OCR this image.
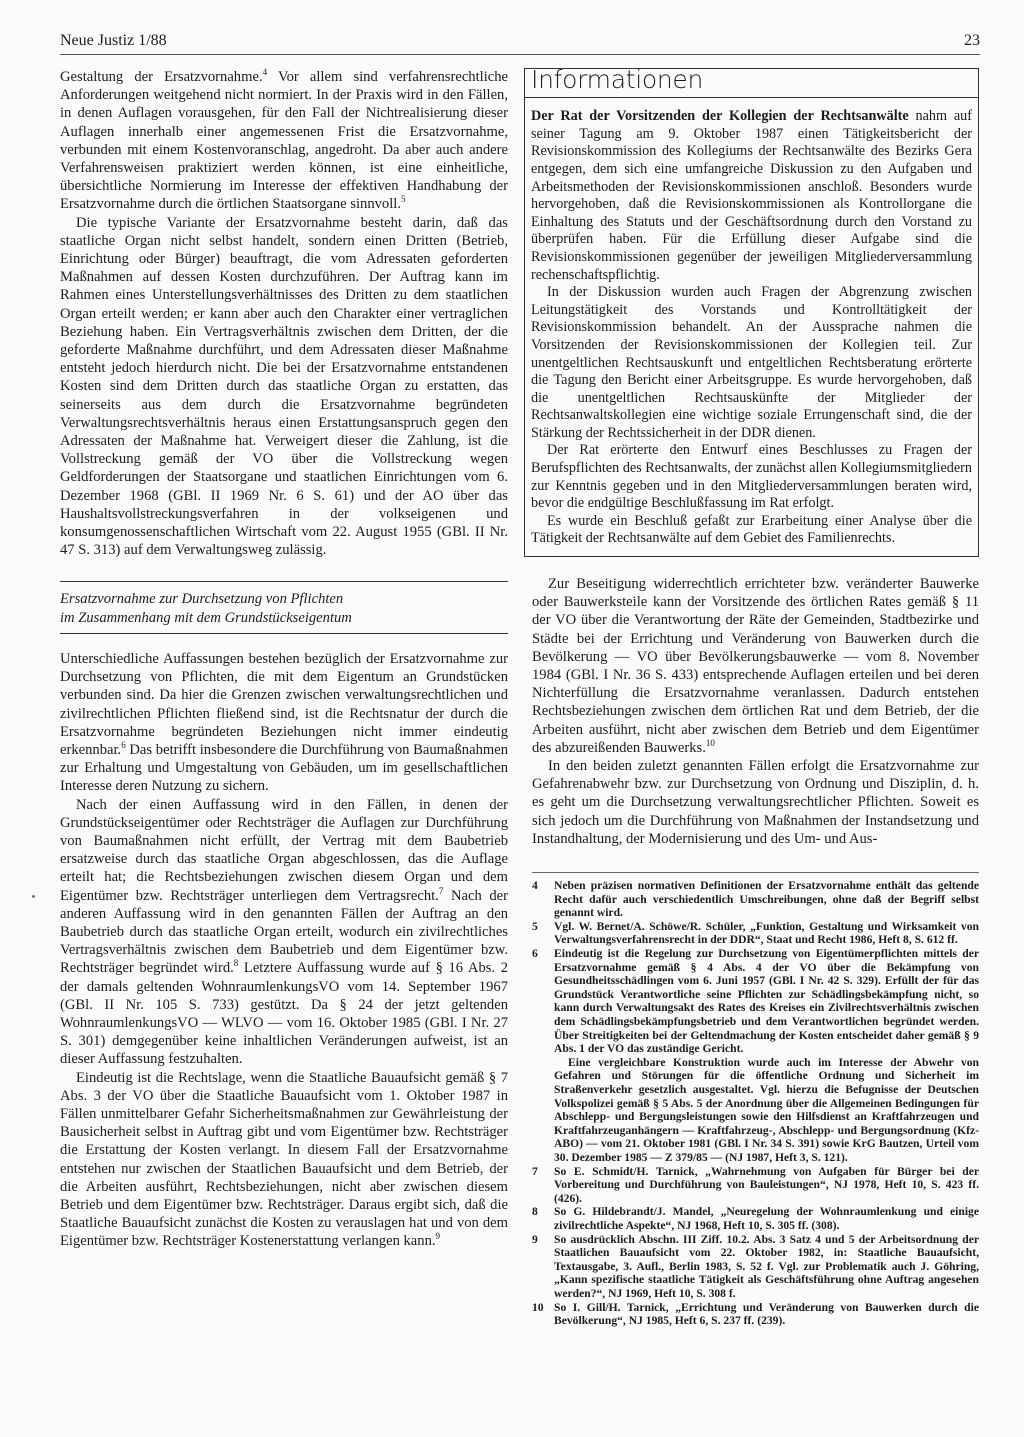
Neue Justiz 1/88	23

Gestaltung der Ersatzvornahme.$^4$ Vor allem sind verfahrensrechtliche Anforderungen weitgehend nicht normiert. In der Praxis wird in den Fällen, in denen Auflagen vorausgehen, für den Fall der Nichtrealisierung dieser Auflagen innerhalb einer angemessenen Frist die Ersatzvornahme, verbunden mit einem Kostenvoranschlag, angedroht. Da aber auch andere Verfahrensweisen praktiziert werden können, ist eine einheitliche, übersichtliche Normierung im Interesse der effektiven Handhabung der Ersatzvornahme durch die örtlichen Staatsorgane sinnvoll.$^5$

Die typische Variante der Ersatzvornahme besteht darin, daß das staatliche Organ nicht selbst handelt, sondern einen Dritten (Betrieb, Einrichtung oder Bürger) beauftragt, die vom Adressaten geforderten Maßnahmen auf dessen Kosten durchzuführen. Der Auftrag kann im Rahmen eines Unterstellungsverhältnisses des Dritten zu dem staatlichen Organ erteilt werden; er kann aber auch den Charakter einer vertraglichen Beziehung haben. Ein Vertragsverhältnis zwischen dem Dritten, der die geforderte Maßnahme durchführt, und dem Adressaten dieser Maßnahme entsteht jedoch hierdurch nicht. Die bei der Ersatzvornahme entstandenen Kosten sind dem Dritten durch das staatliche Organ zu erstatten, das seinerseits aus dem durch die Ersatzvornahme begründeten Verwaltungsrechtsverhältnis heraus einen Erstattungsanspruch gegen den Adressaten der Maßnahme hat. Verweigert dieser die Zahlung, ist die Vollstreckung gemäß der VO über die Vollstreckung wegen Geldforderungen der Staatsorgane und staatlichen Einrichtungen vom 6. Dezember 1968 (GBl. II 1969 Nr. 6 S. 61) und der AO über das Haushaltsvollstreckungsverfahren in der volkseigenen und konsumgenossenschaftlichen Wirtschaft vom 22. August 1955 (GBl. II Nr. 47 S. 313) auf dem Verwaltungsweg zulässig.

Ersatzvornahme zur Durchsetzung von Pflichten
im Zusammenhang mit dem Grundstückseigentum

Unterschiedliche Auffassungen bestehen bezüglich der Ersatzvornahme zur Durchsetzung von Pflichten, die mit dem Eigentum an Grundstücken verbunden sind. Da hier die Grenzen zwischen verwaltungsrechtlichen und zivilrechtlichen Pflichten fließend sind, ist die Rechtsnatur der durch die Ersatzvornahme begründeten Beziehungen nicht immer eindeutig erkennbar.$^6$ Das betrifft insbesondere die Durchführung von Baumaßnahmen zur Erhaltung und Umgestaltung von Gebäuden, um im gesellschaftlichen Interesse deren Nutzung zu sichern.

Nach der einen Auffassung wird in den Fällen, in denen der Grundstückseigentümer oder Rechtsträger die Auflagen zur Durchführung von Baumaßnahmen nicht erfüllt, der Vertrag mit dem Baubetrieb ersatzweise durch das staatliche Organ abgeschlossen, das die Auflage erteilt hat; die Rechtsbeziehungen zwischen diesem Organ und dem Eigentümer bzw. Rechtsträger unterliegen dem Vertragsrecht.$^7$ Nach der anderen Auffassung wird in den genannten Fällen der Auftrag an den Baubetrieb durch das staatliche Organ erteilt, wodurch ein zivilrechtliches Vertragsverhältnis zwischen dem Baubetrieb und dem Eigentümer bzw. Rechtsträger begründet wird.$^8$ Letztere Auffassung wurde auf § 16 Abs. 2 der damals geltenden WohnraumlenkungsVO vom 14. September 1967 (GBl. II Nr. 105 S. 733) gestützt. Da § 24 der jetzt geltenden WohnraumlenkungsVO — WLVO — vom 16. Oktober 1985 (GBl. I Nr. 27 S. 301) demgegenüber keine inhaltlichen Veränderungen aufweist, ist an dieser Auffassung festzuhalten.

Eindeutig ist die Rechtslage, wenn die Staatliche Bauaufsicht gemäß § 7 Abs. 3 der VO über die Staatliche Bauaufsicht vom 1. Oktober 1987 in Fällen unmittelbarer Gefahr Sicherheitsmaßnahmen zur Gewährleistung der Bausicherheit selbst in Auftrag gibt und vom Eigentümer bzw. Rechtsträger die Erstattung der Kosten verlangt. In diesem Fall der Ersatzvornahme entstehen nur zwischen der Staatlichen Bauaufsicht und dem Betrieb, der die Arbeiten ausführt, Rechtsbeziehungen, nicht aber zwischen diesem Betrieb und dem Eigentümer bzw. Rechtsträger. Daraus ergibt sich, daß die Staatliche Bauaufsicht zunächst die Kosten zu verauslagen hat und von dem Eigentümer bzw. Rechtsträger Kostenerstattung verlangen kann.$^9$

Informationen

Der Rat der Vorsitzenden der Kollegien der Rechtsanwälte nahm auf seiner Tagung am 9. Oktober 1987 einen Tätigkeitsbericht der Revisionskommission des Kollegiums der Rechtsanwälte des Bezirks Gera entgegen, dem sich eine umfangreiche Diskussion zu den Aufgaben und Arbeitsmethoden der Revisionskommissionen anschloß. Besonders wurde hervorgehoben, daß die Revisionskommissionen als Kontrollorgane die Einhaltung des Statuts und der Geschäftsordnung durch den Vorstand zu überprüfen haben. Für die Erfüllung dieser Aufgabe sind die Revisionskommissionen gegenüber der jeweiligen Mitgliederversammlung rechenschaftspflichtig.

In der Diskussion wurden auch Fragen der Abgrenzung zwischen Leitungstätigkeit des Vorstands und Kontrolltätigkeit der Revisionskommission behandelt. An der Aussprache nahmen die Vorsitzenden der Revisionskommissionen der Kollegien teil. Zur unentgeltlichen Rechtsauskunft und entgeltlichen Rechtsberatung erörterte die Tagung den Bericht einer Arbeitsgruppe. Es wurde hervorgehoben, daß die unentgeltlichen Rechtsauskünfte der Mitglieder der Rechtsanwaltskollegien eine wichtige soziale Errungenschaft sind, die der Stärkung der Rechtssicherheit in der DDR dienen.

Der Rat erörterte den Entwurf eines Beschlusses zu Fragen der Berufspflichten des Rechtsanwalts, der zunächst allen Kollegiumsmitgliedern zur Kenntnis gegeben und in den Mitgliederversammlungen beraten wird, bevor die endgültige Beschlußfassung im Rat erfolgt.

Es wurde ein Beschluß gefaßt zur Erarbeitung einer Analyse über die Tätigkeit der Rechtsanwälte auf dem Gebiet des Familienrechts.

Zur Beseitigung widerrechtlich errichteter bzw. veränderter Bauwerke oder Bauwerksteile kann der Vorsitzende des örtlichen Rates gemäß § 11 der VO über die Verantwortung der Räte der Gemeinden, Stadtbezirke und Städte bei der Errichtung und Veränderung von Bauwerken durch die Bevölkerung — VO über Bevölkerungsbauwerke — vom 8. November 1984 (GBl. I Nr. 36 S. 433) entsprechende Auflagen erteilen und bei deren Nichterfüllung die Ersatzvornahme veranlassen. Dadurch entstehen Rechtsbeziehungen zwischen dem örtlichen Rat und dem Betrieb, der die Arbeiten ausführt, nicht aber zwischen dem Betrieb und dem Eigentümer des abzureißenden Bauwerks.$^{10}$

In den beiden zuletzt genannten Fällen erfolgt die Ersatzvornahme zur Gefahrenabwehr bzw. zur Durchsetzung von Ordnung und Disziplin, d. h. es geht um die Durchsetzung verwaltungsrechtlicher Pflichten. Soweit es sich jedoch um die Durchführung von Maßnahmen der Instandsetzung und Instandhaltung, der Modernisierung und des Um- und Aus-

4	Neben präzisen normativen Definitionen der Ersatzvornahme enthält das geltende Recht dafür auch verschiedentlich Umschreibungen, ohne daß der Begriff selbst genannt wird.
5	Vgl. W. Bernet/A. Schöwe/R. Schüler, „Funktion, Gestaltung und Wirksamkeit von Verwaltungsverfahrensrecht in der DDR“, Staat und Recht 1986, Heft 8, S. 612 ff.
6	Eindeutig ist die Regelung zur Durchsetzung von Eigentümerpflichten mittels der Ersatzvornahme gemäß § 4 Abs. 4 der VO über die Bekämpfung von Gesundheitsschädlingen vom 6. Juni 1957 (GBl. I Nr. 42 S. 329). Erfüllt der für das Grundstück Verantwortliche seine Pflichten zur Schädlingsbekämpfung nicht, so kann durch Verwaltungsakt des Rates des Kreises ein Zivilrechtsverhältnis zwischen dem Schädlingsbekämpfungsbetrieb und dem Verantwortlichen begründet werden. Über Streitigkeiten bei der Geltendmachung der Kosten entscheidet daher gemäß § 9 Abs. 1 der VO das zuständige Gericht.
Eine vergleichbare Konstruktion wurde auch im Interesse der Abwehr von Gefahren und Störungen für die öffentliche Ordnung und Sicherheit im Straßenverkehr gesetzlich ausgestaltet. Vgl. hierzu die Befugnisse der Deutschen Volkspolizei gemäß § 5 Abs. 5 der Anordnung über die Allgemeinen Bedingungen für Abschlepp- und Bergungsleistungen sowie den Hilfsdienst an Kraftfahrzeugen und Kraftfahrzeuganhängern — Kraftfahrzeug-, Abschlepp- und Bergungsordnung (Kfz-ABO) — vom 21. Oktober 1981 (GBl. I Nr. 34 S. 391) sowie KrG Bautzen, Urteil vom 30. Dezember 1985 — Z 379/85 — (NJ 1987, Heft 3, S. 121).
7	So E. Schmidt/H. Tarnick, „Wahrnehmung von Aufgaben für Bürger bei der Vorbereitung und Durchführung von Bauleistungen“, NJ 1978, Heft 10, S. 423 ff. (426).
8	So G. Hildebrandt/J. Mandel, „Neuregelung der Wohnraumlenkung und einige zivilrechtliche Aspekte“, NJ 1968, Heft 10, S. 305 ff. (308).
9	So ausdrücklich Abschn. III Ziff. 10.2. Abs. 3 Satz 4 und 5 der Arbeitsordnung der Staatlichen Bauaufsicht vom 22. Oktober 1982, in: Staatliche Bauaufsicht, Textausgabe, 3. Aufl., Berlin 1983, S. 52 f. Vgl. zur Problematik auch J. Göhring, „Kann spezifische staatliche Tätigkeit als Geschäftsführung ohne Auftrag angesehen werden?“, NJ 1969, Heft 10, S. 308 f.
10 So I. Gill/H. Tarnick, „Errichtung und Veränderung von Bauwerken durch die Bevölkerung“, NJ 1985, Heft 6, S. 237 ff. (239).
